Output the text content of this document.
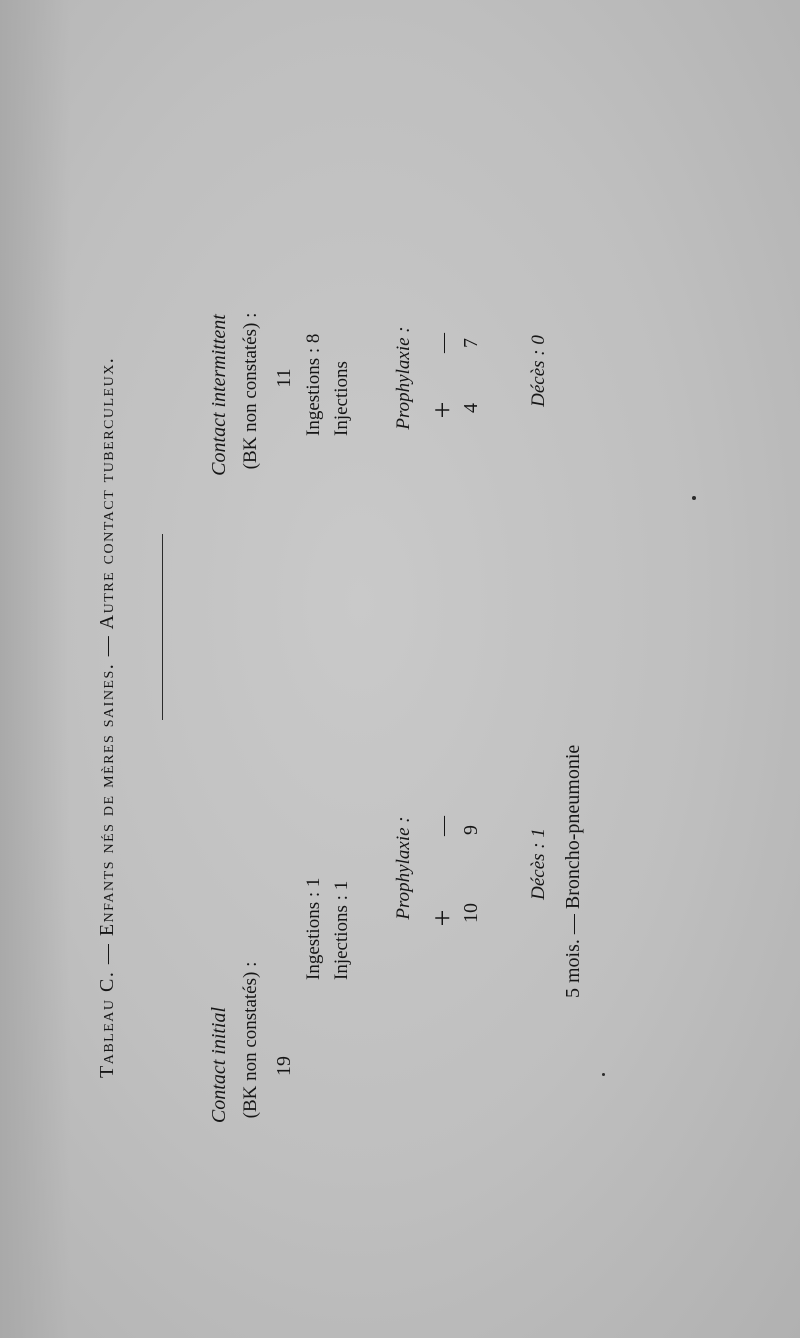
Tableau C. — Enfants nés de mères saines. — Autre contact tuberculeux.
Contact initial (BK non constatés) : 19
Ingestions : 1 Injections : 1
Prophylaxie : +
—
10
9 Décès : 1 5 mois. — Broncho-pneumonie
Contact intermittent (BK non constatés) : 11 Ingestions : 8 Injections Prophylaxie : +
—
4
7 Décès : 0
